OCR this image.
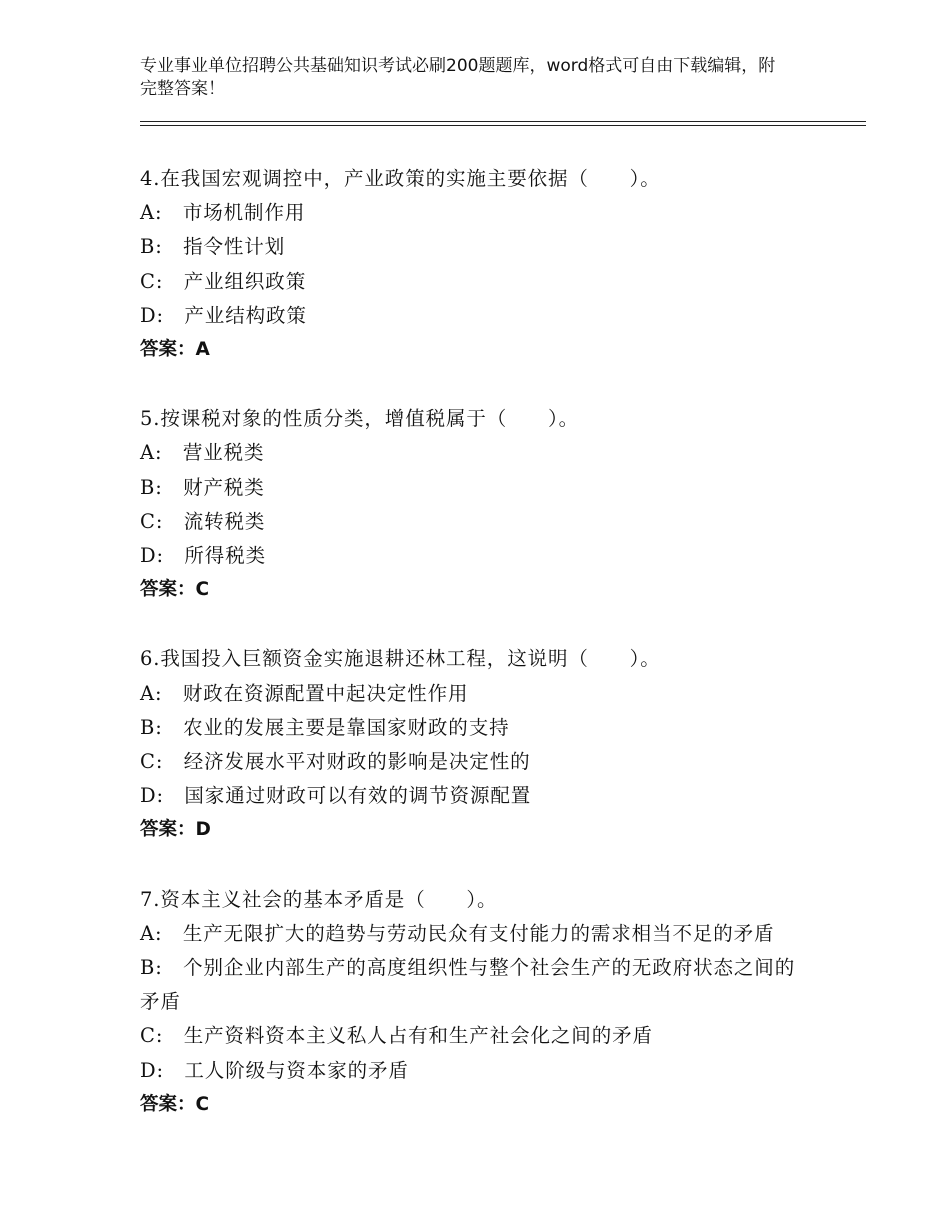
专业事业单位招聘公共基础知识考试必刷200题题库，word格式可自由下载编辑，附完整答案！
4.在我国宏观调控中，产业政策的实施主要依据（　　）。
A:　市场机制作用
B:　指令性计划
C:　产业组织政策
D:　产业结构政策
答案：A
5.按课税对象的性质分类，增值税属于（　　）。
A:　营业税类
B:　财产税类
C:　流转税类
D:　所得税类
答案：C
6.我国投入巨额资金实施退耕还林工程，这说明（　　）。
A:　财政在资源配置中起决定性作用
B:　农业的发展主要是靠国家财政的支持
C:　经济发展水平对财政的影响是决定性的
D:　国家通过财政可以有效的调节资源配置
答案：D
7.资本主义社会的基本矛盾是（　　）。
A:　生产无限扩大的趋势与劳动民众有支付能力的需求相当不足的矛盾
B:　个别企业内部生产的高度组织性与整个社会生产的无政府状态之间的矛盾
C:　生产资料资本主义私人占有和生产社会化之间的矛盾
D:　工人阶级与资本家的矛盾
答案：C
